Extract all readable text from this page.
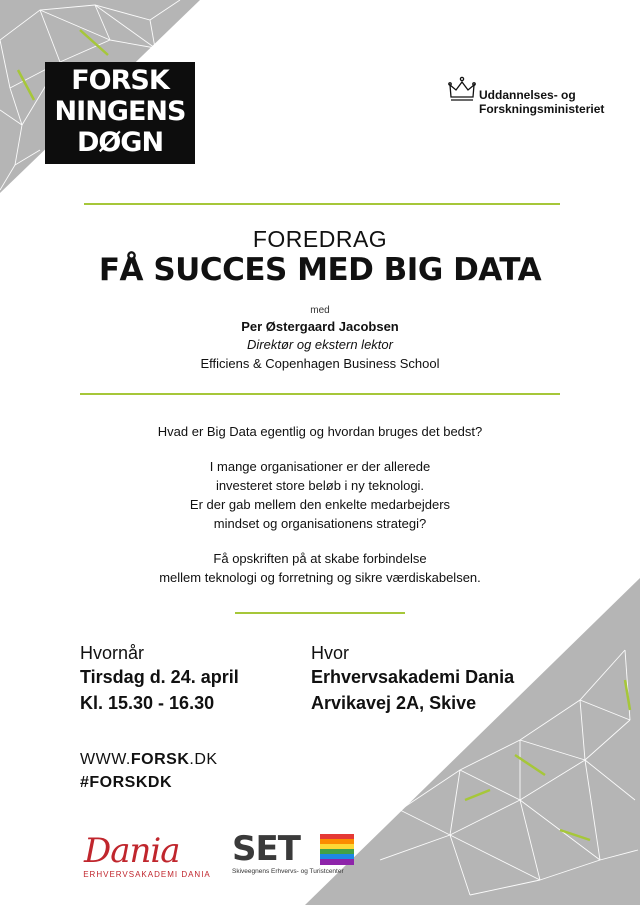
FORSK
NINGENS
DØGN
Uddannelses- og
Forskningsministeriet
FOREDRAG
FÅ SUCCES MED BIG DATA
med
Per Østergaard Jacobsen
Direktør og ekstern lektor
Efficiens & Copenhagen Business School
Hvad er Big Data egentlig og hvordan bruges det bedst?
I mange organisationer er der allerede
investeret store beløb i ny teknologi.
Er der gab mellem den enkelte medarbejders
mindset og organisationens strategi?
Få opskriften på at skabe forbindelse
mellem teknologi og forretning og sikre værdiskabelsen.
Hvornår
Tirsdag d. 24. april
Kl. 15.30 - 16.30
Hvor
Erhvervsakademi Dania
Arvikavej 2A, Skive
WWW.FORSK.DK
#FORSKDK
Dania
ERHVERVSAKADEMI DANIA
SET
Skiveegnens Erhvervs- og Turistcenter
